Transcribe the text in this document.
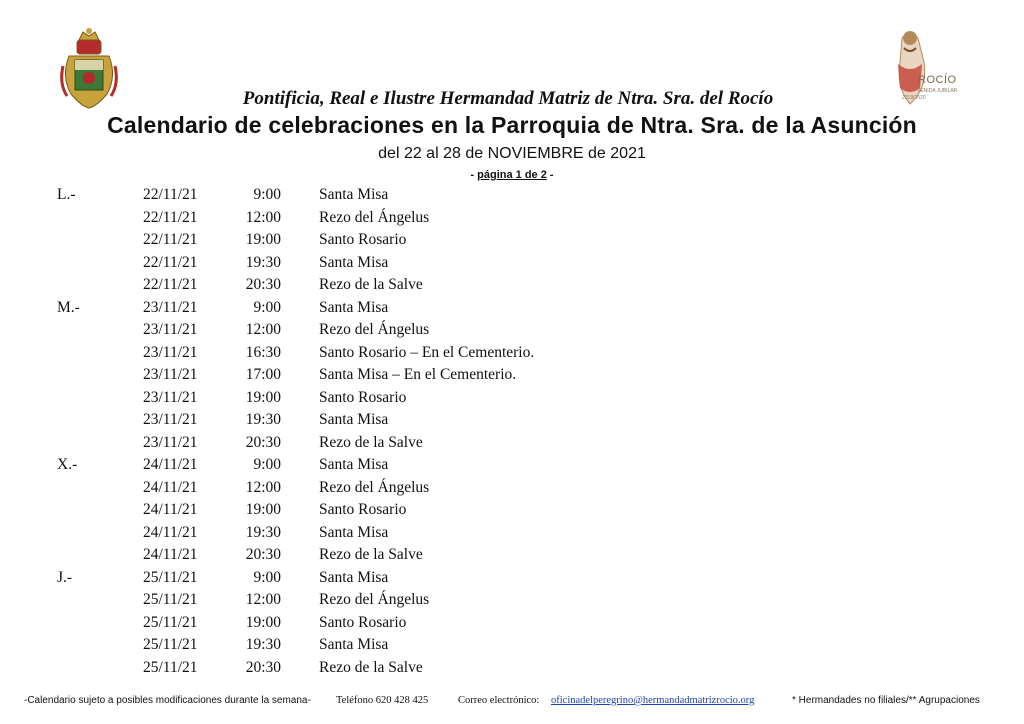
ROCÍO
VENIDA JUBILAR
2019/2020
Pontificia, Real e Ilustre Hermandad Matriz de Ntra. Sra. del Rocío
Calendario de celebraciones en la Parroquia de Ntra. Sra. de la Asunción
del 22 al 28 de NOVIEMBRE de 2021
- página 1 de 2 -
L.-	22/11/21	9:00 Santa Misa
22/11/21	12:00 Rezo del Ángelus
22/11/21	19:00 Santo Rosario
22/11/21	19:30 Santa Misa
22/11/21	20:30 Rezo de la Salve
M.-	23/11/21	9:00 Santa Misa
23/11/21	12:00 Rezo del Ángelus
23/11/21	16:30 Santo Rosario – En el Cementerio.
23/11/21	17:00 Santa Misa – En el Cementerio.
23/11/21	19:00 Santo Rosario
23/11/21	19:30 Santa Misa
23/11/21	20:30 Rezo de la Salve
X.-	24/11/21	9:00 Santa Misa
24/11/21	12:00 Rezo del Ángelus
24/11/21	19:00 Santo Rosario
24/11/21	19:30 Santa Misa
24/11/21	20:30 Rezo de la Salve
J.-	25/11/21	9:00 Santa Misa
25/11/21	12:00 Rezo del Ángelus
25/11/21	19:00 Santo Rosario
25/11/21	19:30 Santa Misa
25/11/21	20:30 Rezo de la Salve
-Calendario sujeto a posibles modificaciones durante la semana- Teléfono 620 428 425	Correo electrónico: oficinadelperegrino@hermandadmatrizrocio.org	* Hermandades no filiales/** Agrupaciones
